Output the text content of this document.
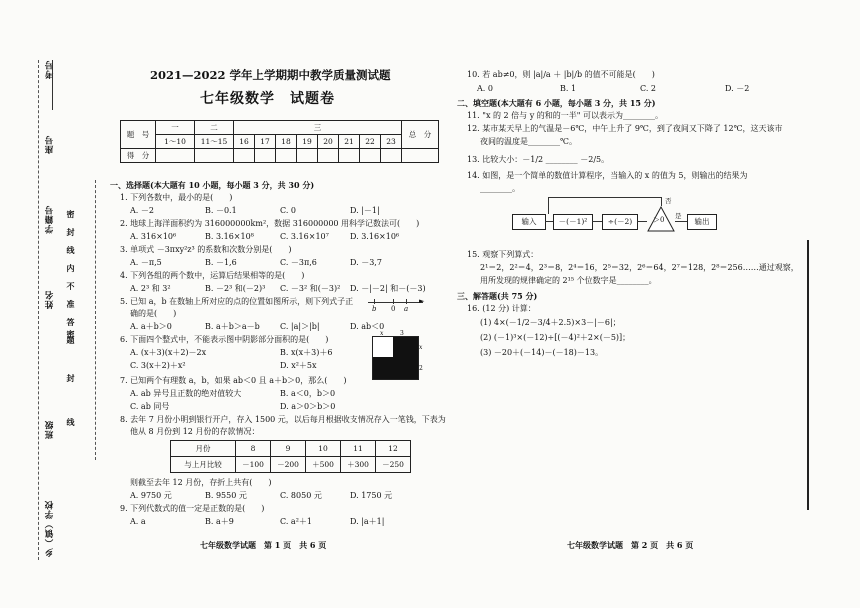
考号
座号
学籍号
姓名
班级
乡（镇）学校
密封线内不准答题
密　封　线
2021—2022 学年上学期期中教学质量测试题
七年级数学　试题卷
题　号	一	二	三								总　分
	1～10	11～15	16	17	18	19	20	21	22	23	
得　分											
一、选择题(本大题有 10 小题，每小题 3 分，共 30 分)
1. 下列各数中，最小的是(　　)
A. －2	B. －0.1	C. 0	D. |－1|
2. 地球上海洋面积约为 316000000km²，数据 316000000 用科学记数法可(　　)
A. 316×10⁶	B. 3.16×10⁸	C. 3.16×10⁷	D. 3.16×10⁶
3. 单项式 －3πxy²z³ 的系数和次数分别是(　　)
A. －π,5	B. －1,6	C. －3π,6	D. －3,7
4. 下列各组的两个数中，运算后结果相等的是(　　)
A. 2³ 和 3²	B. －2³ 和(－2)³ C. －3² 和(－3)² D. －|－2| 和－(－3)
5. 已知 a，b 在数轴上所对应的点的位置如图所示，则下列式子正
确的是(　　)
►
b 0 a
A. a＋b＞0	B. a＋b＞a－b	C. |a|＞|b|	D. ab＜0
6. 下面四个整式中，不能表示图中阴影部分面积的是(　　)
x	3
x
2
A. (x＋3)(x＋2)－2x	B. x(x＋3)＋6
C. 3(x＋2)＋x²	D. x²＋5x
7. 已知两个有理数 a，b，如果 ab＜0 且 a＋b＞0，那么(　　)
A. ab 异号且正数的绝对值较大	B. a＜0，b＞0
C. ab 同号	D. a＞0＞b＞0
8. 去年 7 月份小明到银行开户，存入 1500 元，以后每月根据收支情况存入一笔钱，下表为
他从 8 月份到 12 月份的存款情况：
月份	8	9	10	11	12
与上月比较	－100	－200	＋500	＋300	－250
则截至去年 12 月份，存折上共有(　　)
A. 9750 元	B. 9550 元	C. 8050 元	D. 1750 元
9. 下列代数式的值一定是正数的是(　　)
A. a	B. a＋9	C. a²＋1	D. |a＋1|
七年级数学试题　第 1 页　共 6 页
10. 若 ab≠0，则 |a|/a ＋ |b|/b 的值不可能是(　　)
A. 0	B. 1	C. 2	D. －2
二、填空题(本大题有 6 小题，每小题 3 分，共 15 分)
11. "x 的 2 倍与 y 的和的一半" 可以表示为________。
12. 某市某天早上的气温是－6℃，中午上升了 9℃，到了夜间又下降了 12℃，这天该市
夜间的温度是________℃。
13. 比较大小：－1/2 ________ －2/5。
14. 如图，是一个简单的数值计算程序，当输入的 x 的值为 5，则输出的结果为
________。
输入	－(－1)²	÷(－2)	＞0 是
输出
否
15. 观察下列算式：
2¹＝2，2²＝4，2³＝8，2⁴＝16，2⁵＝32，2⁶＝64，2⁷＝128，2⁸＝256……通过观察，
用所发现的规律确定的 2¹⁵ 个位数字是________。
三、解答题(共 75 分)
16. (12 分) 计算：
(1) 4×(－1/2－3/4＋2.5)×3－|－6|；
(2) (－1)³×(－12)÷[(－4)²＋2×(－5)]；
(3) －20＋(－14)－(－18)－13。
七年级数学试题　第 2 页　共 6 页
